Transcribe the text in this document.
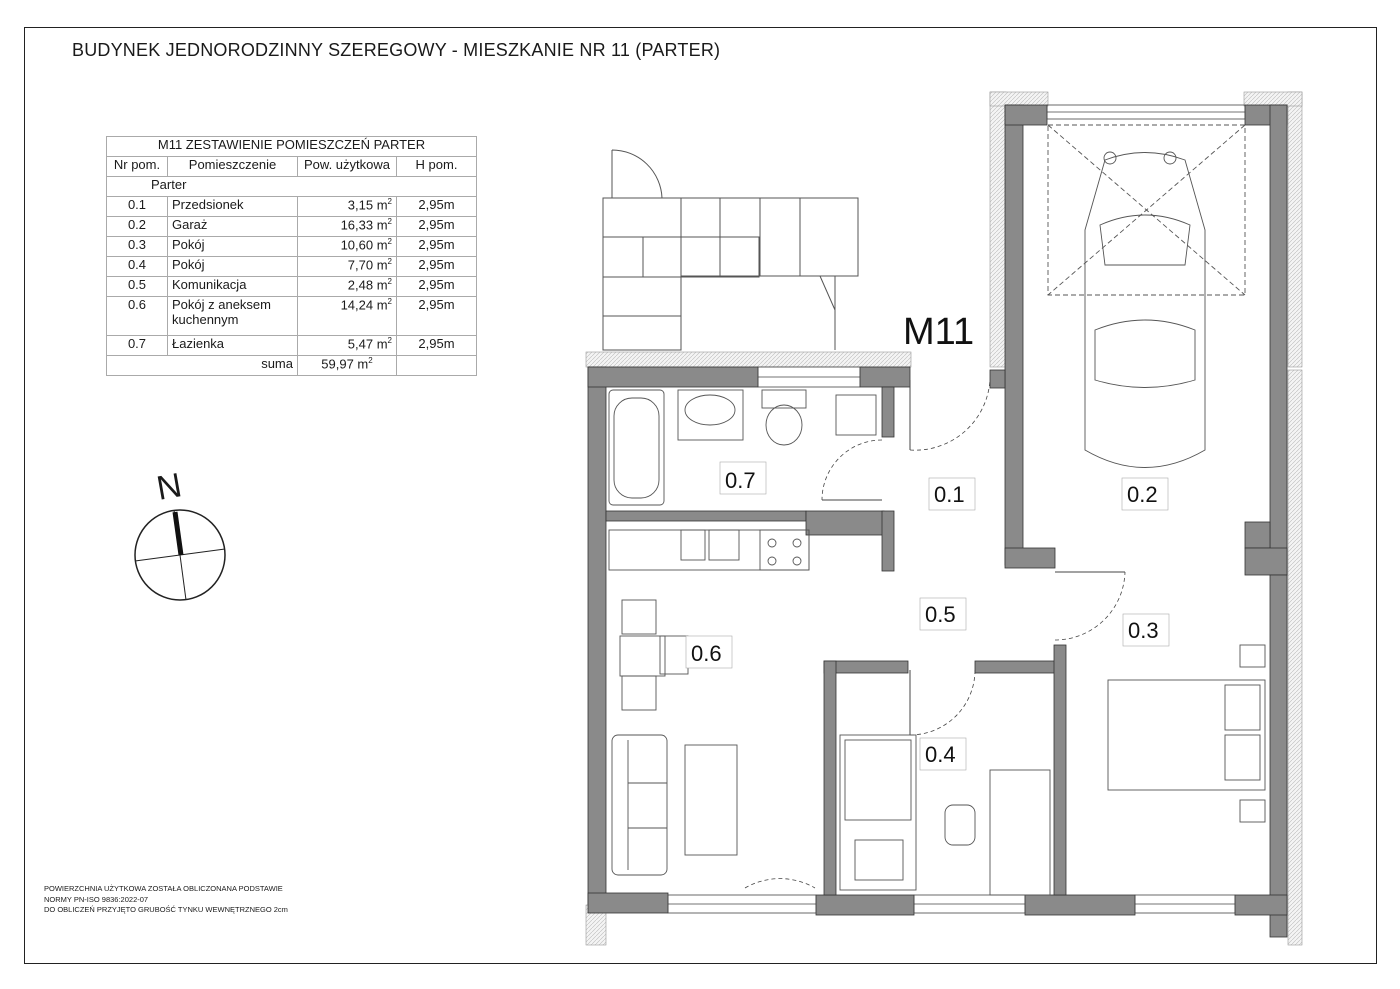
BUDYNEK JEDNORODZINNY SZEREGOWY - MIESZKANIE NR 11 (PARTER)
M11 ZESTAWIENIE POMIESZCZEŃ PARTER			
Nr pom.	Pomieszczenie	Pow. użytkowa	H pom.
Parter			
0.1	Przedsionek	3,15 $m^2$	2,95m
0.2	Garaż	16,33 $m^2$	2,95m
0.3	Pokój	10,60 $m^2$	2,95m
0.4	Pokój	7,70 $m^2$	2,95m
0.5	Komunikacja	2,48 $m^2$	2,95m
0.6	Pokój z aneksem kuchennym	14,24 $m^2$	2,95m
0.7	Łazienka	5,47 $m^2$	2,95m
suma		59,97 $m^2$	
M11
0.7
0.1	0.2
0.5
0.3
0.6
0.4
N
POWIERZCHNIA UŻYTKOWA ZOSTAŁA OBLICZONANA PODSTAWIE
NORMY PN-ISO 9836:2022-07
DO OBLICZEŃ PRZYJĘTO GRUBOŚĆ TYNKU WEWNĘTRZNEGO 2cm
